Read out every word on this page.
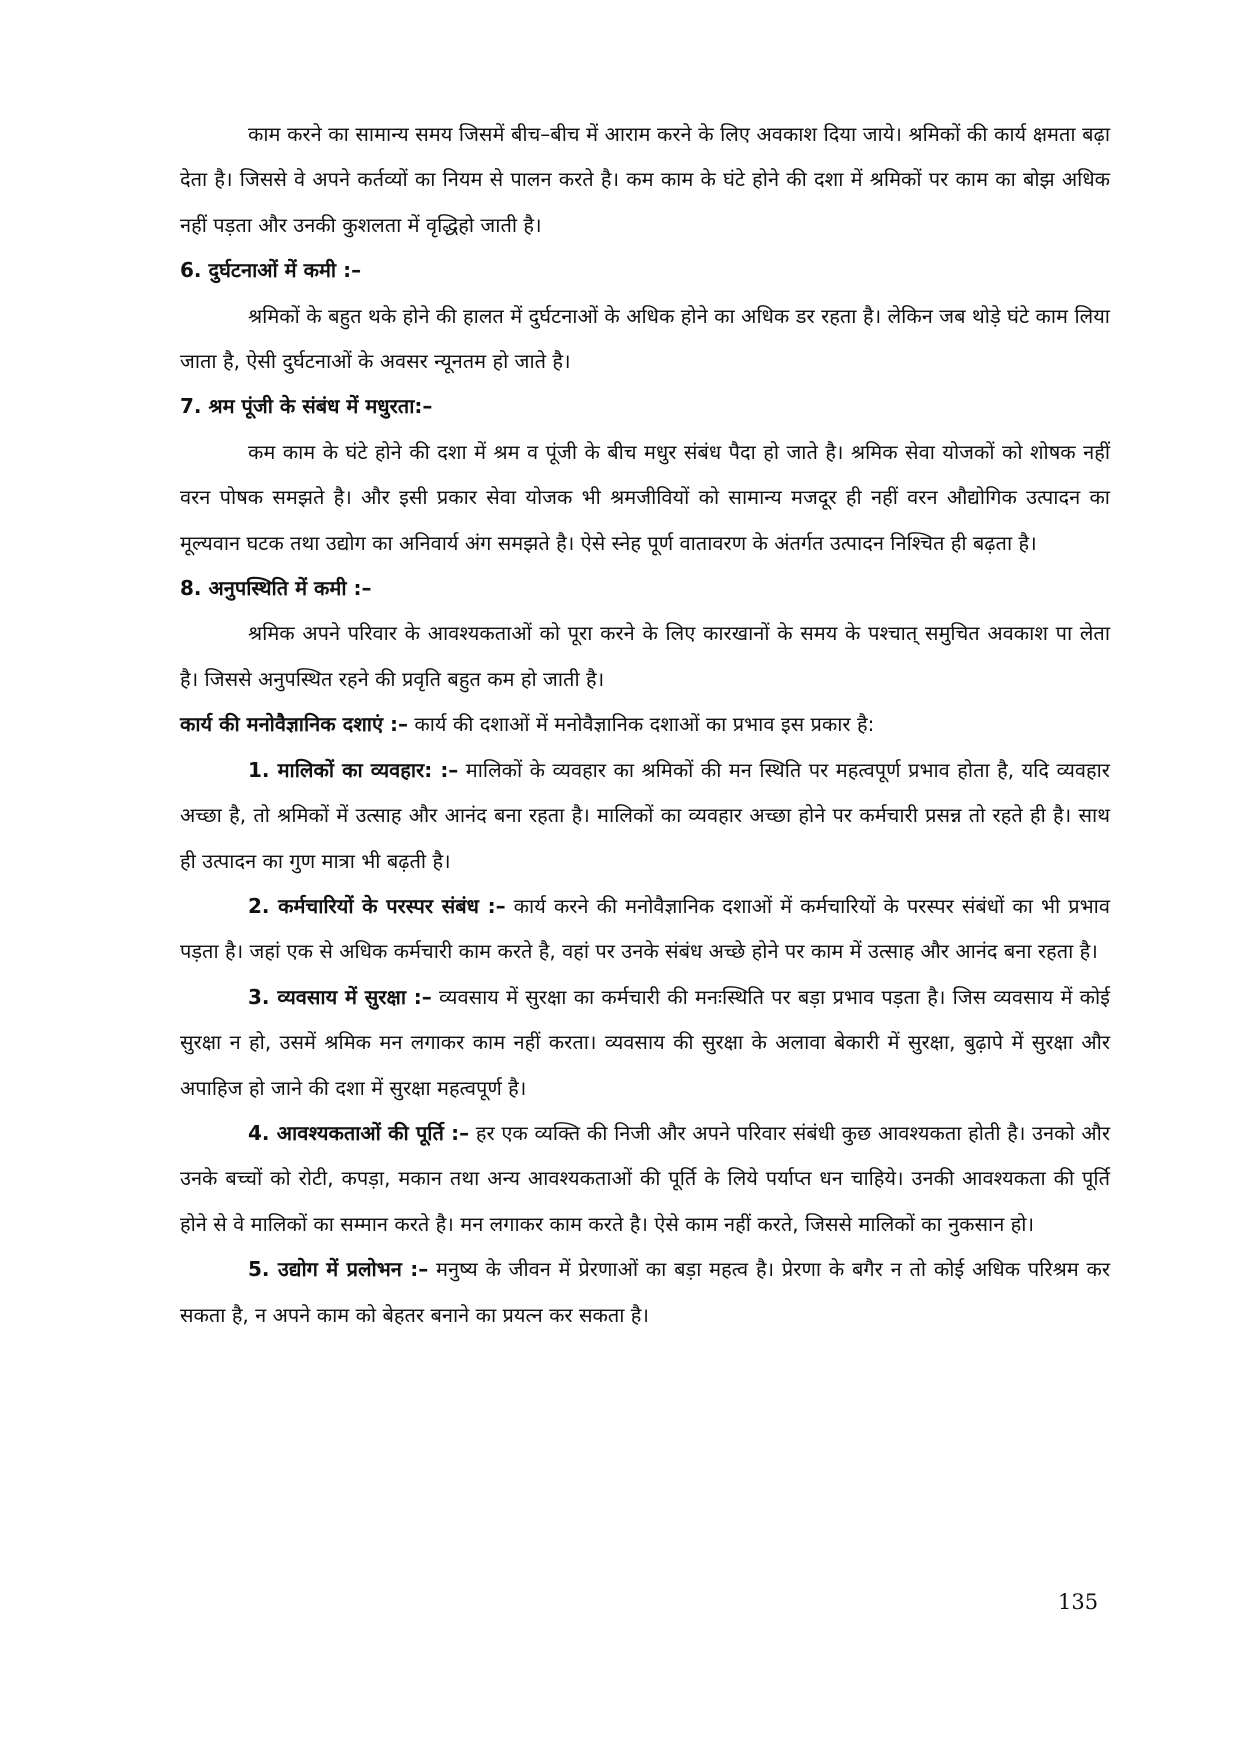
काम करने का सामान्य समय जिसमें बीच–बीच में आराम करने के लिए अवकाश दिया जाये। श्रमिकों की कार्य क्षमता बढ़ा देता है। जिससे वे अपने कर्तव्यों का नियम से पालन करते है। कम काम के घंटे होने की दशा में श्रमिकों पर काम का बोझ अधिक नहीं पड़ता और उनकी कुशलता में वृद्धिहो जाती है।

6. दुर्घटनाओं में कमी :–

श्रमिकों के बहुत थके होने की हालत में दुर्घटनाओं के अधिक होने का अधिक डर रहता है। लेकिन जब थोड़े घंटे काम लिया जाता है, ऐसी दुर्घटनाओं के अवसर न्यूनतम हो जाते है।

7. श्रम पूंजी के संबंध में मधुरता:–

कम काम के घंटे होने की दशा में श्रम व पूंजी के बीच मधुर संबंध पैदा हो जाते है। श्रमिक सेवा योजकों को शोषक नहीं वरन पोषक समझते है। और इसी प्रकार सेवा योजक भी श्रमजीवियों को सामान्य मजदूर ही नहीं वरन औद्योगिक उत्पादन का मूल्यवान घटक तथा उद्योग का अनिवार्य अंग समझते है। ऐसे स्नेह पूर्ण वातावरण के अंतर्गत उत्पादन निश्चित ही बढ़ता है।

8. अनुपस्थिति में कमी :–

श्रमिक अपने परिवार के आवश्यकताओं को पूरा करने के लिए कारखानों के समय के पश्चात् समुचित अवकाश पा लेता है। जिससे अनुपस्थित रहने की प्रवृति बहुत कम हो जाती है।

कार्य की मनोवैज्ञानिक दशाएं :– कार्य की दशाओं में मनोवैज्ञानिक दशाओं का प्रभाव इस प्रकार है:

1. मालिकों का व्यवहार: :– मालिकों के व्यवहार का श्रमिकों की मन स्थिति पर महत्वपूर्ण प्रभाव होता है, यदि व्यवहार अच्छा है, तो श्रमिकों में उत्साह और आनंद बना रहता है। मालिकों का व्यवहार अच्छा होने पर कर्मचारी प्रसन्न तो रहते ही है। साथ ही उत्पादन का गुण मात्रा भी बढ़ती है।

2. कर्मचारियों के परस्पर संबंध :– कार्य करने की मनोवैज्ञानिक दशाओं में कर्मचारियों के परस्पर संबंधों का भी प्रभाव पड़ता है। जहां एक से अधिक कर्मचारी काम करते है, वहां पर उनके संबंध अच्छे होने पर काम में उत्साह और आनंद बना रहता है।

3. व्यवसाय में सुरक्षा :– व्यवसाय में सुरक्षा का कर्मचारी की मनःस्थिति पर बड़ा प्रभाव पड़ता है। जिस व्यवसाय में कोई सुरक्षा न हो, उसमें श्रमिक मन लगाकर काम नहीं करता। व्यवसाय की सुरक्षा के अलावा बेकारी में सुरक्षा, बुढ़ापे में सुरक्षा और अपाहिज हो जाने की दशा में सुरक्षा महत्वपूर्ण है।

4. आवश्यकताओं की पूर्ति :– हर एक व्यक्ति की निजी और अपने परिवार संबंधी कुछ आवश्यकता होती है। उनको और उनके बच्चों को रोटी, कपड़ा, मकान तथा अन्य आवश्यकताओं की पूर्ति के लिये पर्याप्त धन चाहिये। उनकी आवश्यकता की पूर्ति होने से वे मालिकों का सम्मान करते है। मन लगाकर काम करते है। ऐसे काम नहीं करते, जिससे मालिकों का नुकसान हो।

5. उद्योग में प्रलोभन :– मनुष्य के जीवन में प्रेरणाओं का बड़ा महत्व है। प्रेरणा के बगैर न तो कोई अधिक परिश्रम कर सकता है, न अपने काम को बेहतर बनाने का प्रयत्न कर सकता है।

135
